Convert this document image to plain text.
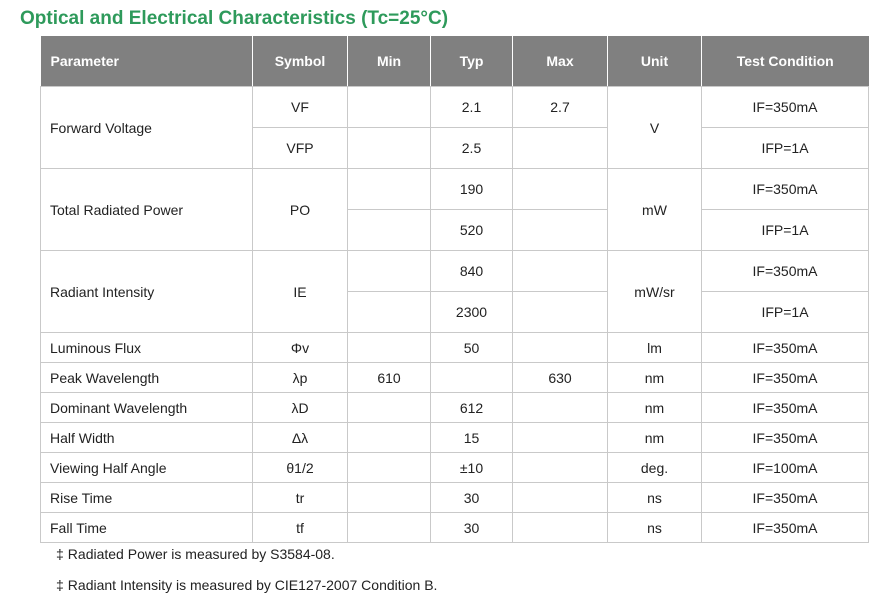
Optical and Electrical Characteristics (Tc=25°C)
Parameter	Symbol	Min	Typ	Max	Unit	Test Condition

Forward Voltage	VF		2.1	2.7	V	IF=350mA
	VFP		2.5			IFP=1A
Total Radiated Power	PO		190		mW	IF=350mA
			520			IFP=1A
Radiant Intensity	IE		840		mW/sr	IF=350mA
			2300			IFP=1A
Luminous Flux	Φv		50		lm	IF=350mA
Peak Wavelength	λp	610		630	nm	IF=350mA
Dominant Wavelength	λD		612		nm	IF=350mA
Half Width	Δλ		15		nm	IF=350mA
Viewing Half Angle	θ1/2		±10		deg.	IF=100mA
Rise Time	tr		30		ns	IF=350mA
Fall Time	tf		30		ns	IF=350mA
‡ Radiated Power is measured by S3584-08.
‡ Radiant Intensity is measured by CIE127-2007 Condition B.
